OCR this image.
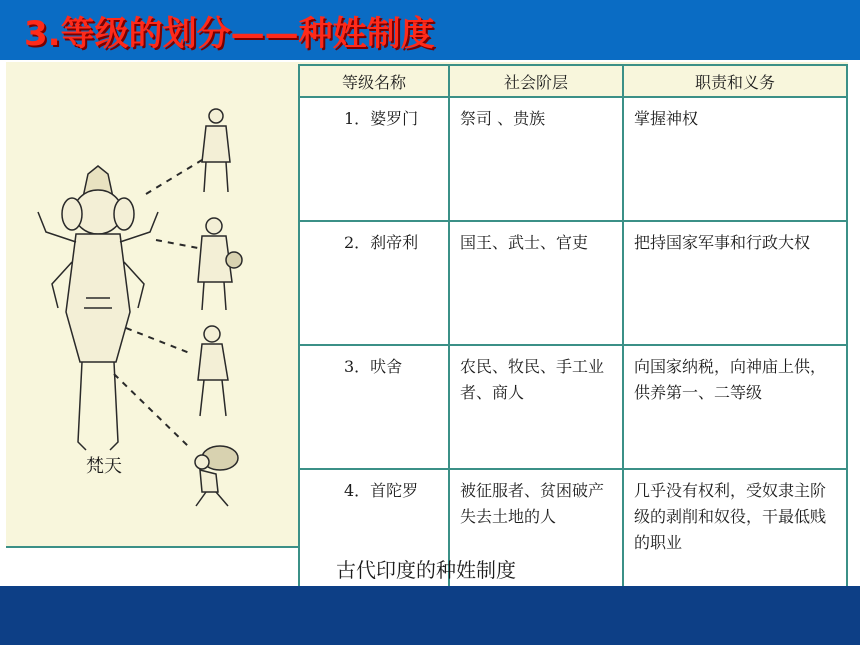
3.等级的划分——种姓制度
梵天
等级名称	社会阶层	职责和义务
1．婆罗门	祭司 、贵族	掌握神权
2．刹帝利	国王、武士、官吏	把持国家军事和行政大权
3．吠舍	农民、牧民、手工业者、商人	向国家纳税，向神庙上供，供养第一、二等级
4．首陀罗	被征服者、贫困破产失去土地的人	几乎没有权利，受奴隶主阶级的剥削和奴役，干最低贱的职业
古代印度的种姓制度
